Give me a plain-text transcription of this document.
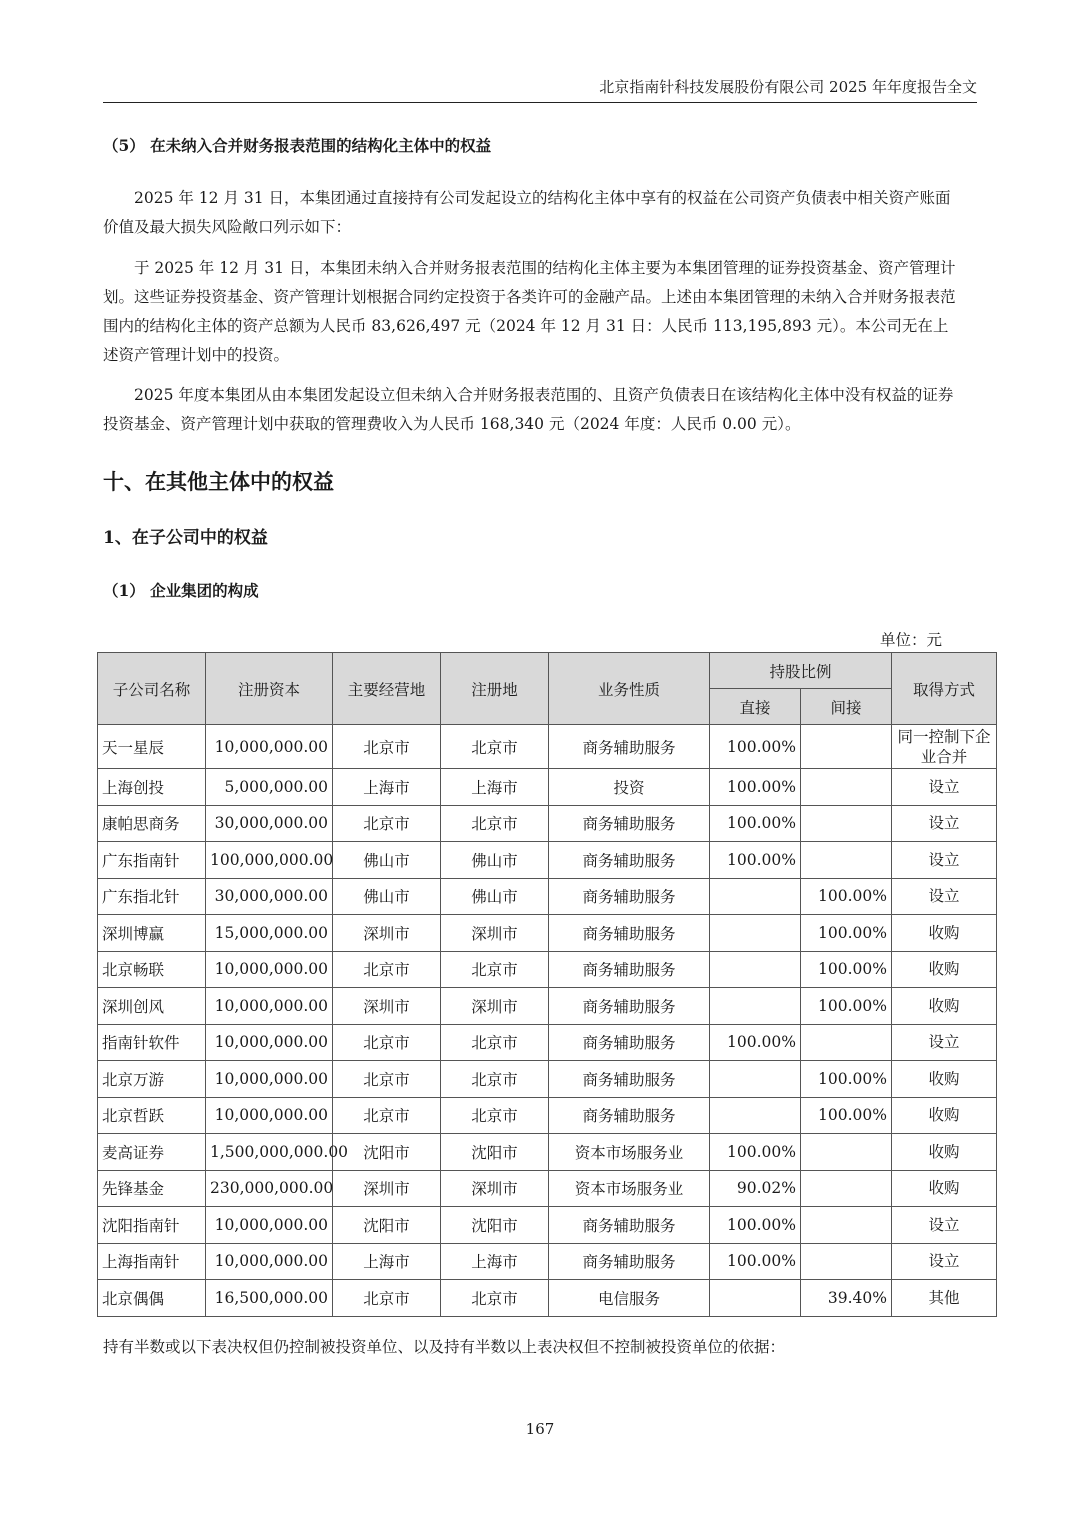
北京指南针科技发展股份有限公司 2025 年年度报告全文
（5） 在未纳入合并财务报表范围的结构化主体中的权益
2025 年 12 月 31 日，本集团通过直接持有公司发起设立的结构化主体中享有的权益在公司资产负债表中相关资产账面价值及最大损失风险敞口列示如下：
于 2025 年 12 月 31 日，本集团未纳入合并财务报表范围的结构化主体主要为本集团管理的证券投资基金、资产管理计划。这些证券投资基金、资产管理计划根据合同约定投资于各类许可的金融产品。上述由本集团管理的未纳入合并财务报表范围内的结构化主体的资产总额为人民币 83,626,497 元（2024 年 12 月 31 日：人民币 113,195,893 元）。本公司无在上述资产管理计划中的投资。
2025 年度本集团从由本集团发起设立但未纳入合并财务报表范围的、且资产负债表日在该结构化主体中没有权益的证券投资基金、资产管理计划中获取的管理费收入为人民币 168,340 元（2024 年度：人民币 0.00 元）。
十、在其他主体中的权益
1、在子公司中的权益
（1） 企业集团的构成
单位：元
子公司名称	注册资本	主要经营地	注册地	业务性质	持股比例		取得方式
					直接	间接	
天一星辰	10,000,000.00	北京市	北京市	商务辅助服务	100.00%		同一控制下企业合并
上海创投	5,000,000.00	上海市	上海市	投资	100.00%		设立
康帕思商务	30,000,000.00	北京市	北京市	商务辅助服务	100.00%		设立
广东指南针	100,000,000.00	佛山市	佛山市	商务辅助服务	100.00%		设立
广东指北针	30,000,000.00	佛山市	佛山市	商务辅助服务		100.00%	设立
深圳博赢	15,000,000.00	深圳市	深圳市	商务辅助服务		100.00%	收购
北京畅联	10,000,000.00	北京市	北京市	商务辅助服务		100.00%	收购
深圳创风	10,000,000.00	深圳市	深圳市	商务辅助服务		100.00%	收购
指南针软件	10,000,000.00	北京市	北京市	商务辅助服务	100.00%		设立
北京万游	10,000,000.00	北京市	北京市	商务辅助服务		100.00%	收购
北京哲跃	10,000,000.00	北京市	北京市	商务辅助服务		100.00%	收购
麦高证券	1,500,000,000.00	沈阳市	沈阳市	资本市场服务业	100.00%		收购
先锋基金	230,000,000.00	深圳市	深圳市	资本市场服务业	90.02%		收购
沈阳指南针	10,000,000.00	沈阳市	沈阳市	商务辅助服务	100.00%		设立
上海指南针	10,000,000.00	上海市	上海市	商务辅助服务	100.00%		设立
北京偶偶	16,500,000.00	北京市	北京市	电信服务		39.40%	其他
持有半数或以下表决权但仍控制被投资单位、以及持有半数以上表决权但不控制被投资单位的依据：
167
